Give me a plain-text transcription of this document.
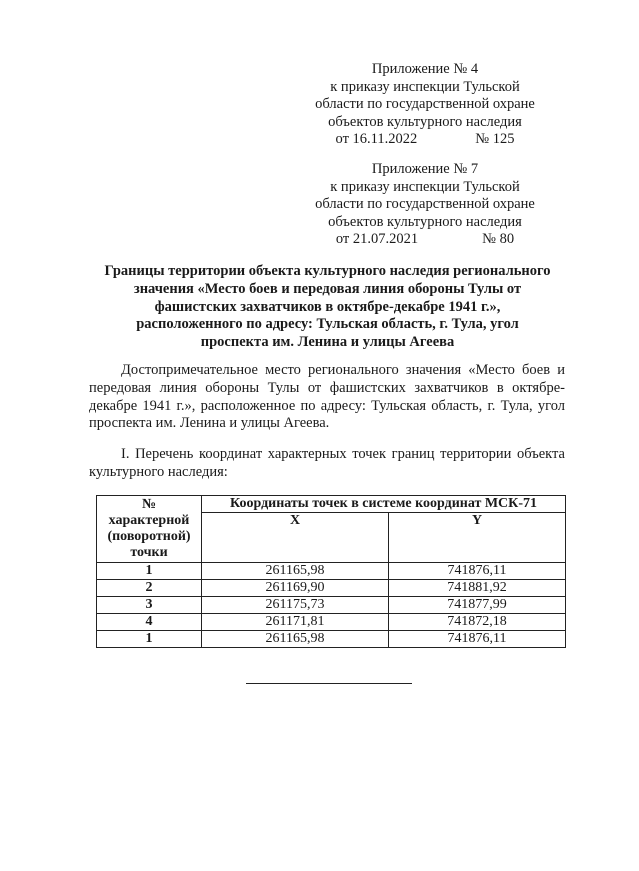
Приложение № 4
к приказу инспекции Тульской
области по государственной охране
объектов культурного наследия
от 16.11.2022	№ 125
Приложение № 7
к приказу инспекции Тульской
области по государственной охране
объектов культурного наследия
от 21.07.2021	№ 80
Границы территории объекта культурного наследия регионального
значения «Место боев и передовая линия обороны Тулы от
фашистских захватчиков в октябре-декабре 1941 г.»,
расположенного по адресу: Тульская область, г. Тула, угол
проспекта им. Ленина и улицы Агеева
Достопримечательное место регионального значения «Место боев и передовая линия обороны Тулы от фашистских захватчиков в октябре-декабре 1941 г.», расположенное по адресу: Тульская область, г. Тула, угол проспекта им. Ленина и улицы Агеева.
I. Перечень координат характерных точек границ территории объекта культурного наследия:
№
характерной
(поворотной)
точки	Координаты точек в системе координат МСК-71	
	X	Y
1	261165,98	741876,11
2	261169,90	741881,92
3	261175,73	741877,99
4	261171,81	741872,18
1	261165,98	741876,11
